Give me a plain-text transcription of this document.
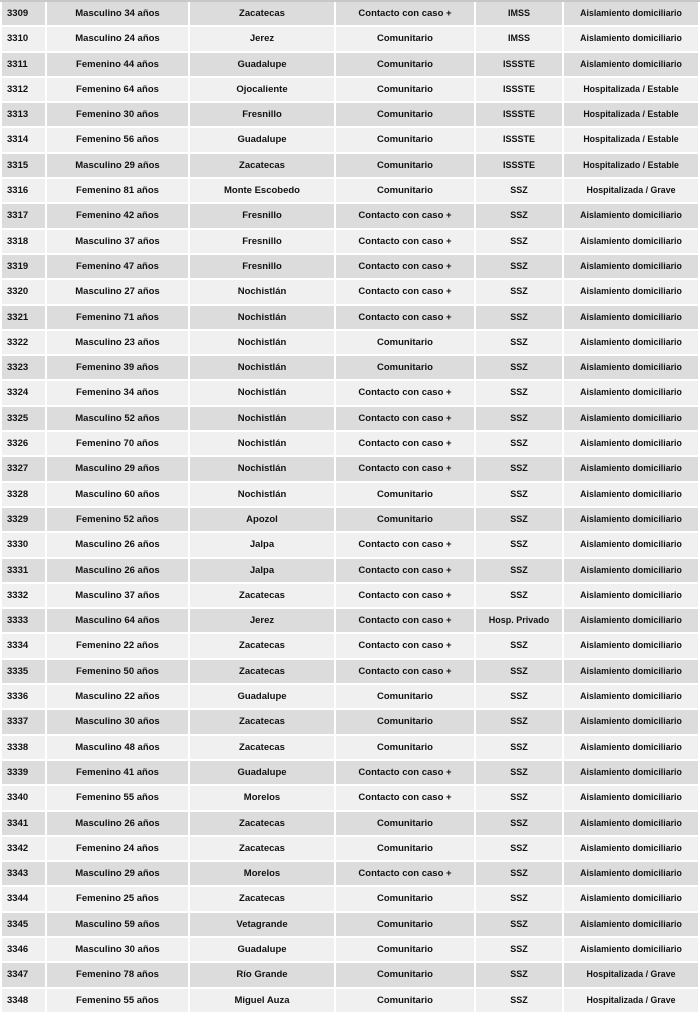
3309	Masculino 34 años	Zacatecas	Contacto con caso +	IMSS	Aislamiento domiciliario
3310	Masculino 24 años	Jerez	Comunitario	IMSS	Aislamiento domiciliario
3311	Femenino 44 años	Guadalupe	Comunitario	ISSSTE	Aislamiento domiciliario
3312	Femenino 64 años	Ojocaliente	Comunitario	ISSSTE	Hospitalizada / Estable
3313	Femenino 30 años	Fresnillo	Comunitario	ISSSTE	Hospitalizada / Estable
3314	Femenino 56 años	Guadalupe	Comunitario	ISSSTE	Hospitalizada / Estable
3315	Masculino 29 años	Zacatecas	Comunitario	ISSSTE	Hospitalizado / Estable
3316	Femenino 81 años	Monte Escobedo	Comunitario	SSZ	Hospitalizada / Grave
3317	Femenino 42 años	Fresnillo	Contacto con caso +	SSZ	Aislamiento domiciliario
3318	Masculino 37 años	Fresnillo	Contacto con caso +	SSZ	Aislamiento domiciliario
3319	Femenino 47 años	Fresnillo	Contacto con caso +	SSZ	Aislamiento domiciliario
3320	Masculino 27 años	Nochistlán	Contacto con caso +	SSZ	Aislamiento domiciliario
3321	Femenino 71 años	Nochistlán	Contacto con caso +	SSZ	Aislamiento domiciliario
3322	Masculino 23 años	Nochistlán	Comunitario	SSZ	Aislamiento domiciliario
3323	Femenino 39 años	Nochistlán	Comunitario	SSZ	Aislamiento domiciliario
3324	Femenino 34 años	Nochistlán	Contacto con caso +	SSZ	Aislamiento domiciliario
3325	Masculino 52 años	Nochistlán	Contacto con caso +	SSZ	Aislamiento domiciliario
3326	Femenino 70 años	Nochistlán	Contacto con caso +	SSZ	Aislamiento domiciliario
3327	Masculino 29 años	Nochistlán	Contacto con caso +	SSZ	Aislamiento domiciliario
3328	Masculino 60 años	Nochistlán	Comunitario	SSZ	Aislamiento domiciliario
3329	Femenino 52 años	Apozol	Comunitario	SSZ	Aislamiento domiciliario
3330	Masculino 26 años	Jalpa	Contacto con caso +	SSZ	Aislamiento domiciliario
3331	Masculino 26 años	Jalpa	Contacto con caso +	SSZ	Aislamiento domiciliario
3332	Masculino 37 años	Zacatecas	Contacto con caso +	SSZ	Aislamiento domiciliario
3333	Masculino 64 años	Jerez	Contacto con caso +	Hosp. Privado	Aislamiento domiciliario
3334	Femenino 22 años	Zacatecas	Contacto con caso +	SSZ	Aislamiento domiciliario
3335	Femenino 50 años	Zacatecas	Contacto con caso +	SSZ	Aislamiento domiciliario
3336	Masculino 22 años	Guadalupe	Comunitario	SSZ	Aislamiento domiciliario
3337	Masculino 30 años	Zacatecas	Comunitario	SSZ	Aislamiento domiciliario
3338	Masculino 48 años	Zacatecas	Comunitario	SSZ	Aislamiento domiciliario
3339	Femenino 41 años	Guadalupe	Contacto con caso +	SSZ	Aislamiento domiciliario
3340	Femenino 55 años	Morelos	Contacto con caso +	SSZ	Aislamiento domiciliario
3341	Masculino 26 años	Zacatecas	Comunitario	SSZ	Aislamiento domiciliario
3342	Femenino 24 años	Zacatecas	Comunitario	SSZ	Aislamiento domiciliario
3343	Masculino 29 años	Morelos	Contacto con caso +	SSZ	Aislamiento domiciliario
3344	Femenino 25 años	Zacatecas	Comunitario	SSZ	Aislamiento domiciliario
3345	Masculino 59 años	Vetagrande	Comunitario	SSZ	Aislamiento domiciliario
3346	Masculino 30 años	Guadalupe	Comunitario	SSZ	Aislamiento domiciliario
3347	Femenino 78 años	Río Grande	Comunitario	SSZ	Hospitalizada / Grave
3348	Femenino 55 años	Miguel Auza	Comunitario	SSZ	Hospitalizada / Grave
